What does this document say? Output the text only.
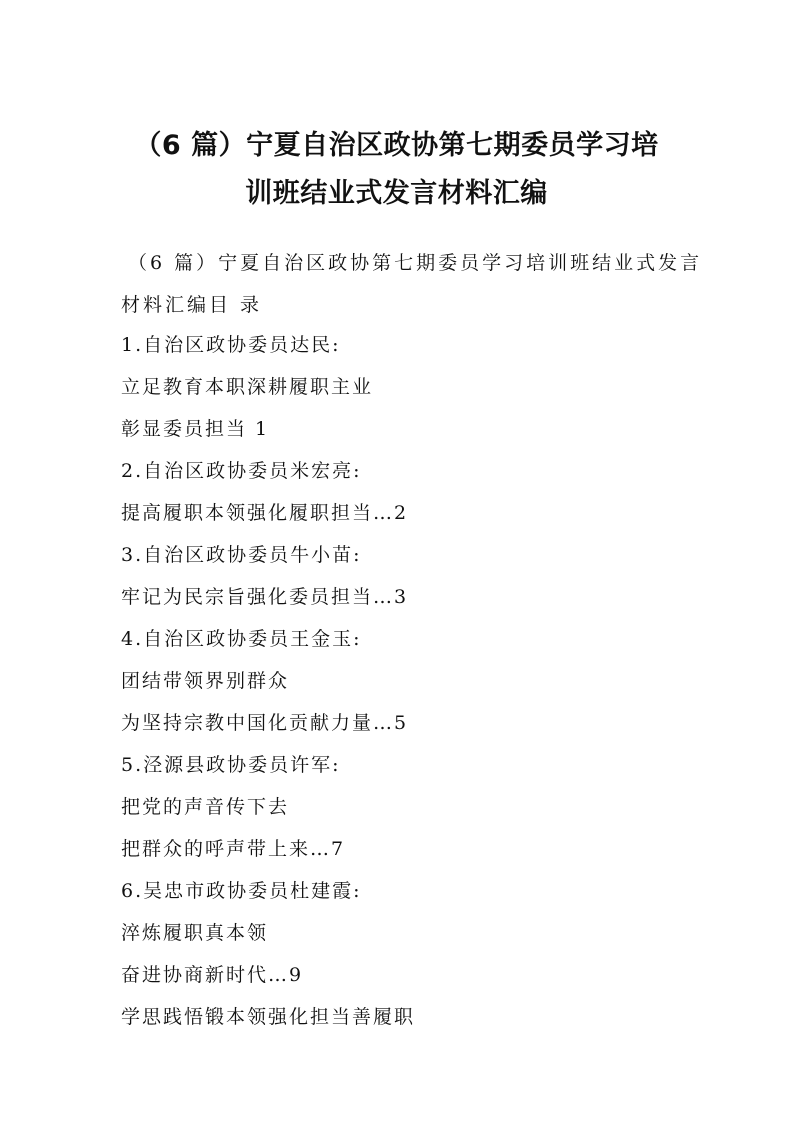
（6 篇）宁夏自治区政协第七期委员学习培
训班结业式发言材料汇编
（6 篇）宁夏自治区政协第七期委员学习培训班结业式发言
材料汇编目 录
1.自治区政协委员达民:
立足教育本职深耕履职主业
彰显委员担当 1
2.自治区政协委员米宏亮:
提高履职本领强化履职担当…2
3.自治区政协委员牛小苗:
牢记为民宗旨强化委员担当…3
4.自治区政协委员王金玉:
团结带领界别群众
为坚持宗教中国化贡献力量…5
5.泾源县政协委员许军:
把党的声音传下去
把群众的呼声带上来…7
6.吴忠市政协委员杜建霞:
淬炼履职真本领
奋进协商新时代…9
学思践悟锻本领强化担当善履职
